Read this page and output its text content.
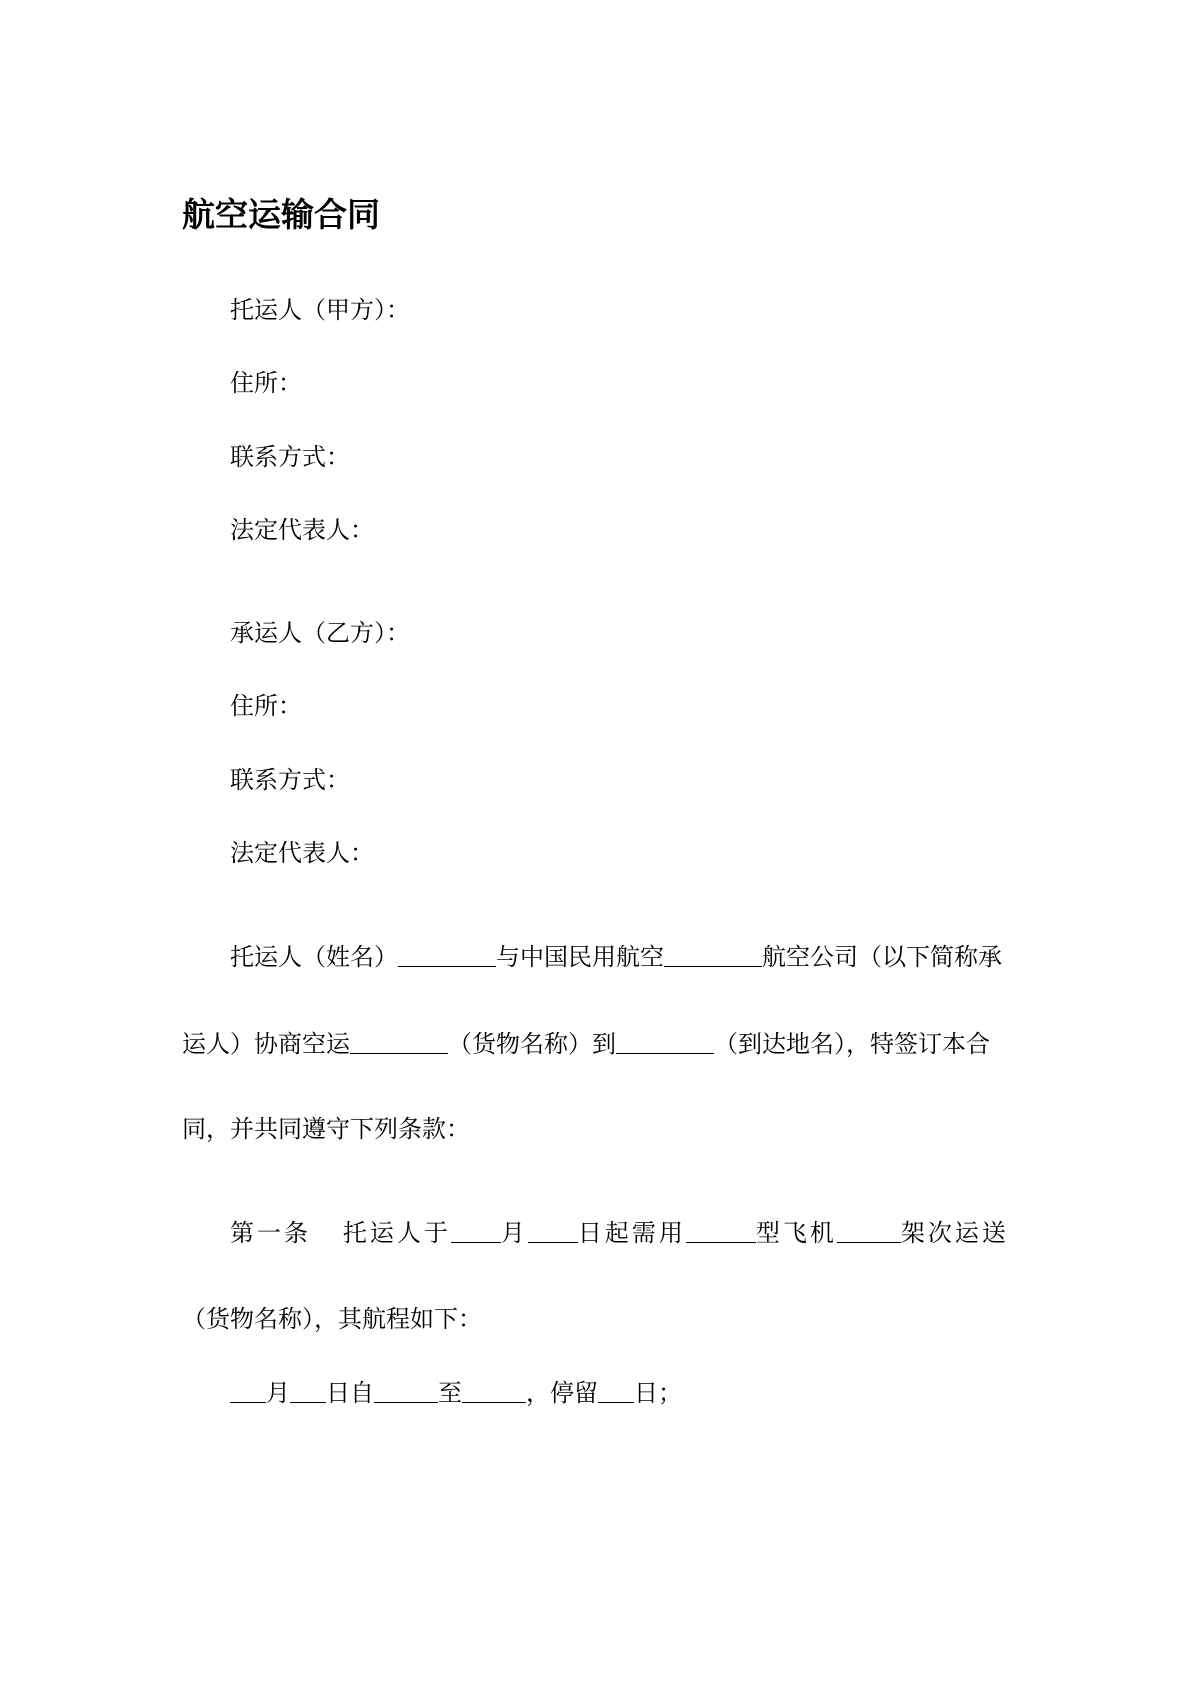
航空运输合同

托运人（甲方）：

住所：

联系方式：

法定代表人：

承运人（乙方）：

住所：

联系方式：

法定代表人：

托运人（姓名）	与中国民用航空	航空公司（以下简称承

运人）协商空运	（货物名称）到	（到达地名），特签订本合

同，并共同遵守下列条款：

第一条 托运人于 月 日起需用	型飞机	架次运送

（货物名称），其航程如下：

月 日自	至	，停留 日；
